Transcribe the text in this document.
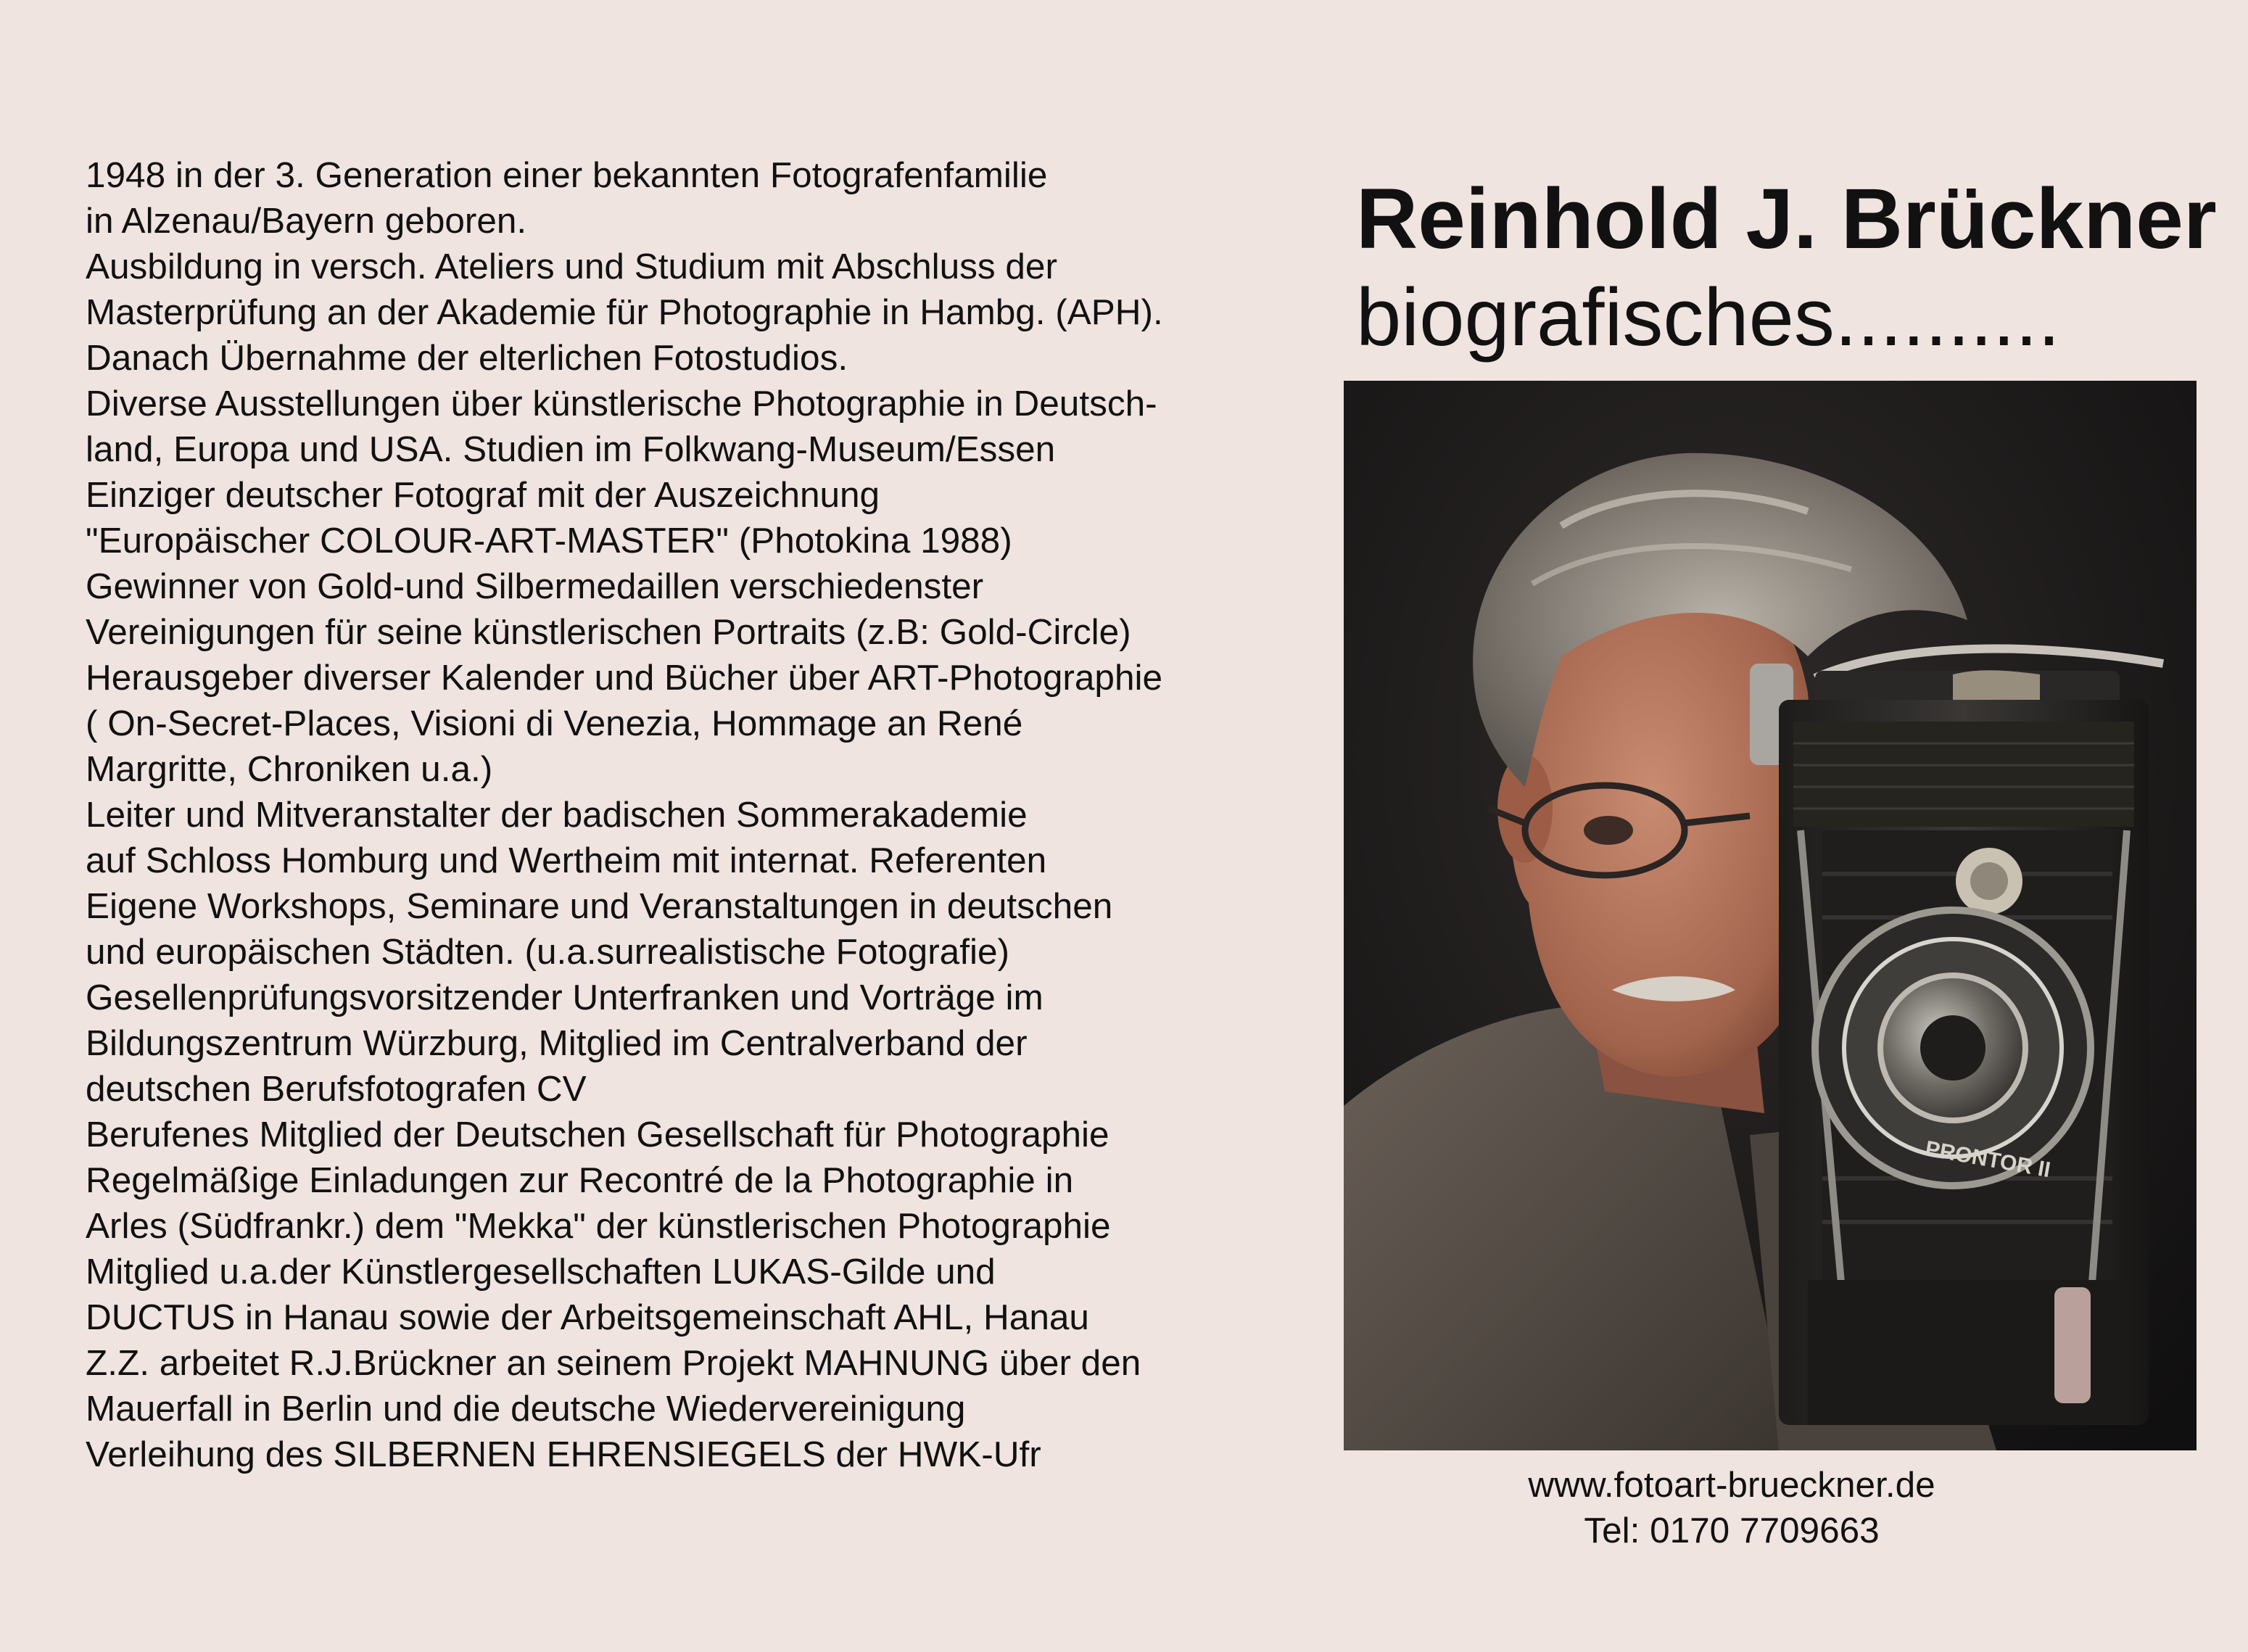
1948 in der 3. Generation einer bekannten Fotografenfamilie
in Alzenau/Bayern geboren.
Ausbildung in versch. Ateliers und Studium mit Abschluss der
Masterprüfung an der Akademie für Photographie in Hambg. (APH).
Danach Übernahme der elterlichen Fotostudios.
Diverse Ausstellungen über künstlerische Photographie in Deutsch-
land, Europa und USA. Studien im Folkwang-Museum/Essen
Einziger deutscher Fotograf mit der Auszeichnung
"Europäischer COLOUR-ART-MASTER" (Photokina 1988)
Gewinner von Gold-und Silbermedaillen verschiedenster
Vereinigungen für seine künstlerischen Portraits (z.B: Gold-Circle)
Herausgeber diverser Kalender und Bücher über ART-Photographie
( On-Secret-Places, Visioni di Venezia, Hommage an René
Margritte, Chroniken u.a.)
Leiter und Mitveranstalter der badischen Sommerakademie
auf Schloss Homburg und Wertheim mit internat. Referenten
Eigene Workshops, Seminare und Veranstaltungen in deutschen
und europäischen Städten. (u.a.surrealistische Fotografie)
Gesellenprüfungsvorsitzender Unterfranken und Vorträge im
Bildungszentrum Würzburg, Mitglied im Centralverband der
deutschen Berufsfotografen CV
Berufenes Mitglied der Deutschen Gesellschaft für Photographie
Regelmäßige Einladungen zur Recontré de la Photographie in
Arles (Südfrankr.) dem "Mekka" der künstlerischen Photographie
Mitglied u.a.der Künstlergesellschaften LUKAS-Gilde und
DUCTUS in Hanau sowie der Arbeitsgemeinschaft AHL, Hanau
Z.Z. arbeitet R.J.Brückner an seinem Projekt MAHNUNG über den
Mauerfall in Berlin und die deutsche Wiedervereinigung
Verleihung des SILBERNEN EHRENSIEGELS der HWK-Ufr
Reinhold J. Brückner
biografisches..........
PRONTOR II
www.fotoart-brueckner.de
Tel: 0170 7709663
